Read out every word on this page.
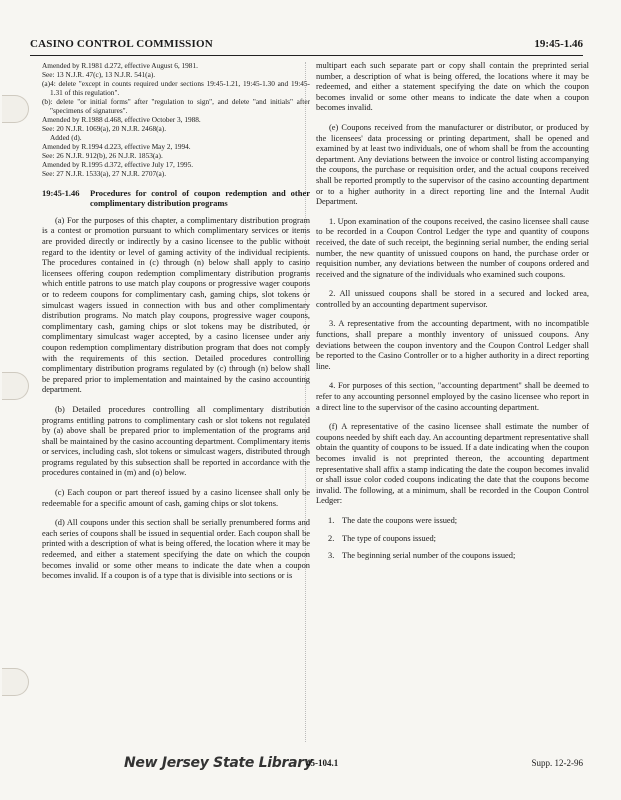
CASINO CONTROL COMMISSION	19:45-1.46

Amended by R.1981 d.272, effective August 6, 1981.

See: 13 N.J.R. 47(c), 13 N.J.R. 541(a).

(a)4: delete "except in counts required under sections 19:45-1.21, 19:45-1.30 and 19:45-1.31 of this regulation".

(b): delete "or initial forms" after "regulation to sign", and delete "and initials" after "specimens of signatures".

Amended by R.1988 d.468, effective October 3, 1988.

See: 20 N.J.R. 1069(a), 20 N.J.R. 2468(a).

Added (d).

Amended by R.1994 d.223, effective May 2, 1994.

See: 26 N.J.R. 912(b), 26 N.J.R. 1853(a).

Amended by R.1995 d.372, effective July 17, 1995.

See: 27 N.J.R. 1533(a), 27 N.J.R. 2707(a).

19:45-1.46	Procedures for control of coupon redemption and other complimentary distribution programs

(a) For the purposes of this chapter, a complimentary distribution program is a contest or promotion pursuant to which complimentary services or items are provided directly or indirectly by a casino licensee to the public without regard to the identity or level of gaming activity of the individual recipients. The procedures contained in (c) through (n) below shall apply to casino licensees offering coupon redemption complimentary distribution programs which entitle patrons to use match play coupons or progressive wager coupons or to redeem coupons for complimentary cash, gaming chips, slot tokens or simulcast wagers issued in connection with bus and other complimentary distribution programs. No match play coupons, progressive wager coupons, complimentary cash, gaming chips or slot tokens may be distributed, or complimentary simulcast wager accepted, by a casino licensee under any coupon redemption complimentary distribution program that does not comply with the requirements of this section. Detailed procedures controlling complimentary distribution programs regulated by (c) through (n) below shall be prepared prior to implementation and maintained by the casino accounting department.

(b) Detailed procedures controlling all complimentary distribution programs entitling patrons to complimentary cash or slot tokens not regulated by (a) above shall be prepared prior to implementation of the programs and shall be maintained by the casino accounting department. Complimentary items or services, including cash, slot tokens or simulcast wagers, distributed through programs regulated by this subsection shall be reported in accordance with the procedures contained in (m) and (o) below.

(c) Each coupon or part thereof issued by a casino licensee shall only be redeemable for a specific amount of cash, gaming chips or slot tokens.

(d) All coupons under this section shall be serially prenumbered forms and each series of coupons shall be issued in sequential order. Each coupon shall be printed with a description of what is being offered, the location where it may be redeemed, and either a statement specifying the date on which the coupon becomes invalid or some other means to indicate the date when a coupon becomes invalid. If a coupon is of a type that is divisible into sections or is

multipart each such separate part or copy shall contain the preprinted serial number, a description of what is being offered, the locations where it may be redeemed, and either a statement specifying the date on which the coupon becomes invalid or some other means to indicate the date when a coupon becomes invalid.

(e) Coupons received from the manufacturer or distributor, or produced by the licensees' data processing or printing department, shall be opened and examined by at least two individuals, one of whom shall be from the accounting department. Any deviations between the invoice or control listing accompanying the coupons, the purchase or requisition order, and the actual coupons received shall be reported promptly to the supervisor of the casino accounting department or to a higher authority in a direct reporting line and the Internal Audit Department.

1. Upon examination of the coupons received, the casino licensee shall cause to be recorded in a Coupon Control Ledger the type and quantity of coupons received, the date of such receipt, the beginning serial number, the ending serial number, the new quantity of unissued coupons on hand, the purchase order or requisition number, any deviations between the number of coupons ordered and received and the signature of the individuals who examined such coupons.

2. All unissued coupons shall be stored in a secured and locked area, controlled by an accounting department supervisor.

3. A representative from the accounting department, with no incompatible functions, shall prepare a monthly inventory of unissued coupons. Any deviations between the coupon inventory and the Coupon Control Ledger shall be reported to the Casino Controller or to a higher authority in a direct reporting line.

4. For purposes of this section, "accounting department" shall be deemed to refer to any accounting personnel employed by the casino licensee who report in a direct line to the supervisor of the casino accounting department.

(f) A representative of the casino licensee shall estimate the number of coupons needed by shift each day. An accounting department representative shall obtain the quantity of coupons to be issued. If a date indicating when the coupon becomes invalid is not preprinted thereon, the accounting department representative shall affix a stamp indicating the date the coupon becomes invalid or shall issue color coded coupons indicating the date that the coupons become invalid. The following, at a minimum, shall be recorded in the Coupon Control Ledger:

1. The date the coupons were issued;
2. The type of coupons issued;
3. The beginning serial number of the coupons issued;
New Jersey State Library
45-104.1	Supp. 12-2-96
